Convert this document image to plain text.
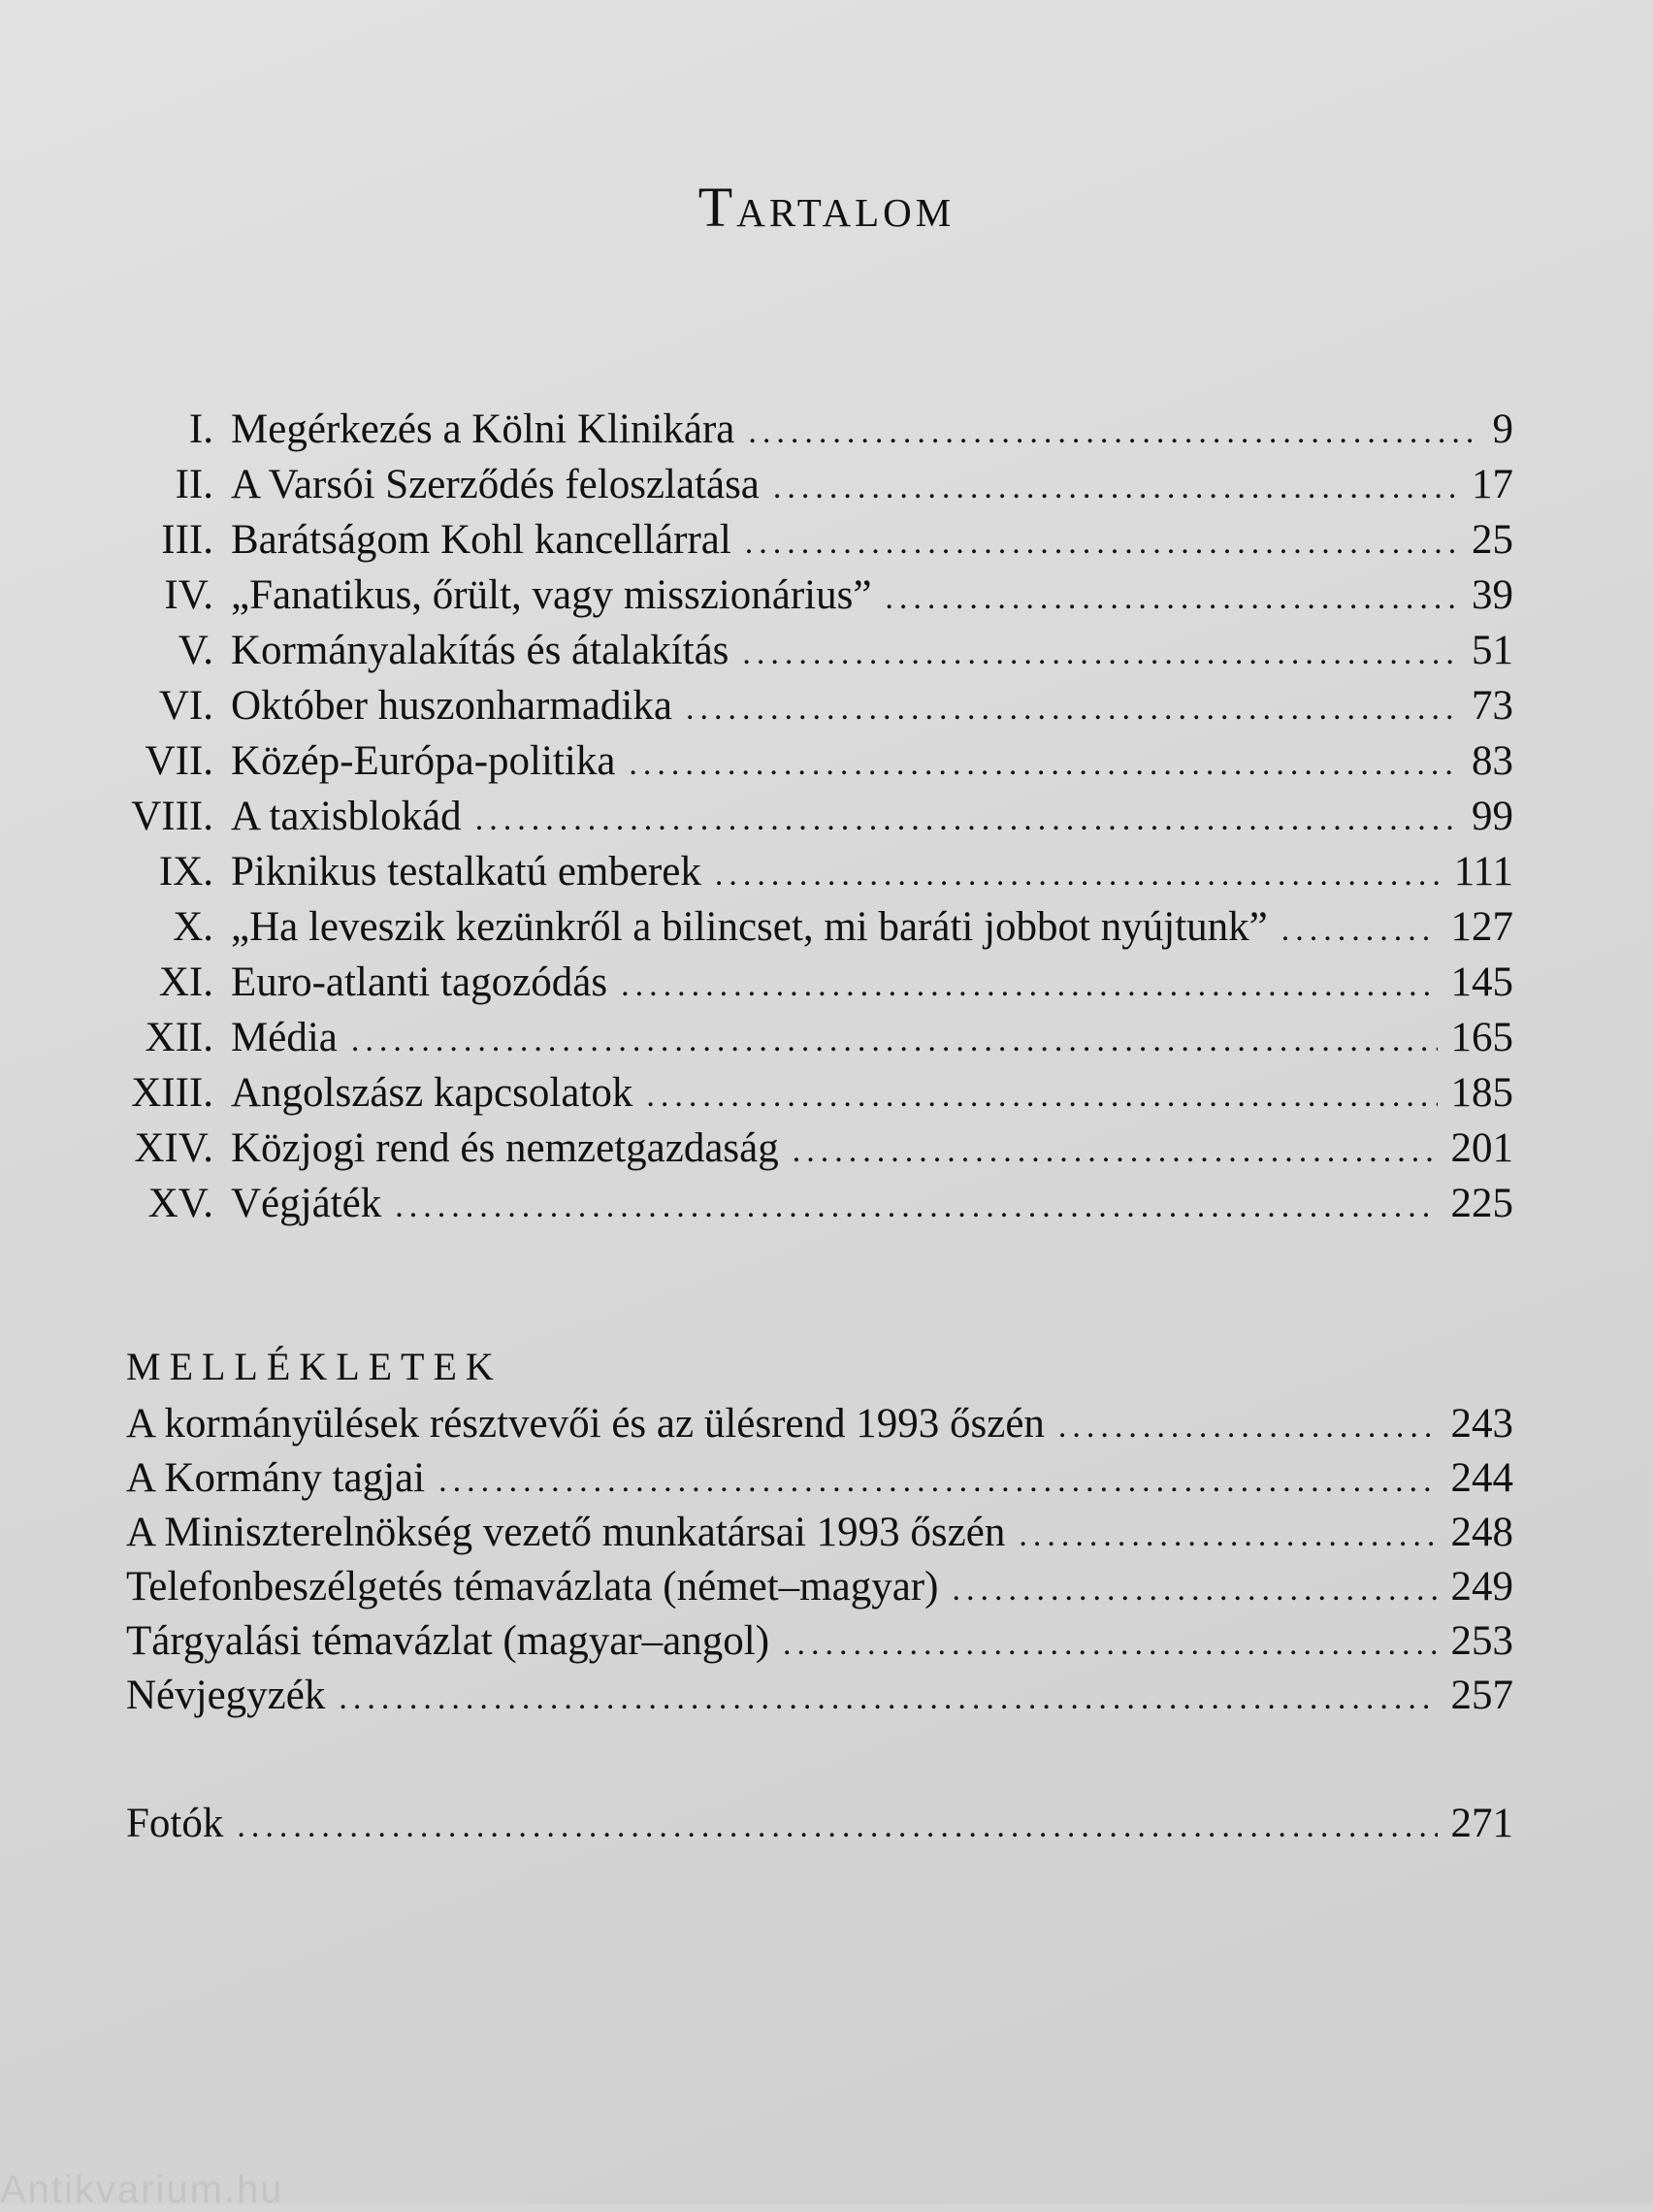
Tartalom
I. Megérkezés a Kölni Klinikára .....	9
II. A Varsói Szerződés feloszlatása .....	17
III. Barátságom Kohl kancellárral .....	25
IV. „Fanatikus, őrült, vagy misszionárius” .....	39
V. Kormányalakítás és átalakítás .....	51
VI. Október huszonharmadika .....	73
VII. Közép-Európa-politika .....	83
VIII. A taxisblokád .....	99
IX. Piknikus testalkatú emberek .....	111
X. „Ha leveszik kezünkről a bilincset, mi baráti jobbot nyújtunk” .....	127
XI. Euro-atlanti tagozódás .....	145
XII. Média .....	165
XIII. Angolszász kapcsolatok .....	185
XIV. Közjogi rend és nemzetgazdaság .....	201
XV. Végjáték .....	225
MELLÉKLETEK
A kormányülések résztvevői és az ülésrend 1993 őszén .....	243
A Kormány tagjai .....	244
A Miniszterelnökség vezető munkatársai 1993 őszén .....	248
Telefonbeszélgetés témavázlata (német–magyar) .....	249
Tárgyalási témavázlat (magyar–angol) .....	253
Névjegyzék .....	257
Fotók .....	271
Antikvarium.hu
